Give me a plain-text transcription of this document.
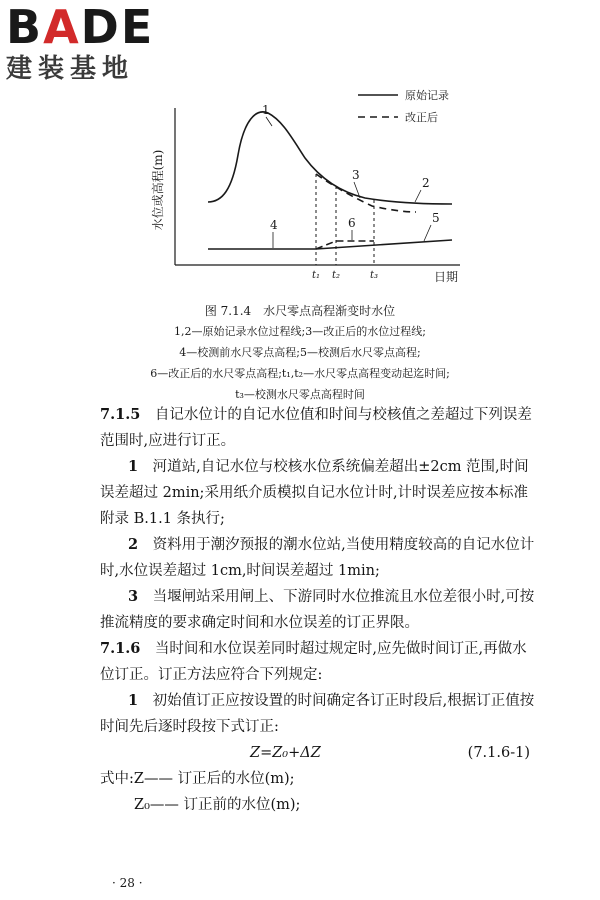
BADE
建装基地
水位或高程(m)
日期
原始记录
改正后
1
2
3
4	5
6
t₁ t₂	t₃
图 7.1.4　水尺零点高程渐变时水位
1,2—原始记录水位过程线;3—改正后的水位过程线;
4—校测前水尺零点高程;5—校测后水尺零点高程;
6—改正后的水尺零点高程;t₁,t₂—水尺零点高程变动起迄时间;
t₃—校测水尺零点高程时间

7.1.5　 自记水位计的自记水位值和时间与校核值之差超过下列误差范围时,应进行订正。

1　 河道站,自记水位与校核水位系统偏差超出±2cm 范围,时间误差超过 2min;采用纸介质模拟自记水位计时,计时误差应按本标准附录 B.1.1 条执行;

2　 资料用于潮汐预报的潮水位站,当使用精度较高的自记水位计时,水位误差超过 1cm,时间误差超过 1min;

3　 当堰闸站采用闸上、下游同时水位推流且水位差很小时,可按推流精度的要求确定时间和水位误差的订正界限。

7.1.6　 当时间和水位误差同时超过规定时,应先做时间订正,再做水位订正。订正方法应符合下列规定:

1　 初始值订正应按设置的时间确定各订正时段后,根据订正值按时间先后逐时段按下式订正:

Z=Z₀+ΔZ	(7.1.6-1)

式中:Z—— 订正后的水位(m);

Z₀—— 订正前的水位(m);

· 28 ·
